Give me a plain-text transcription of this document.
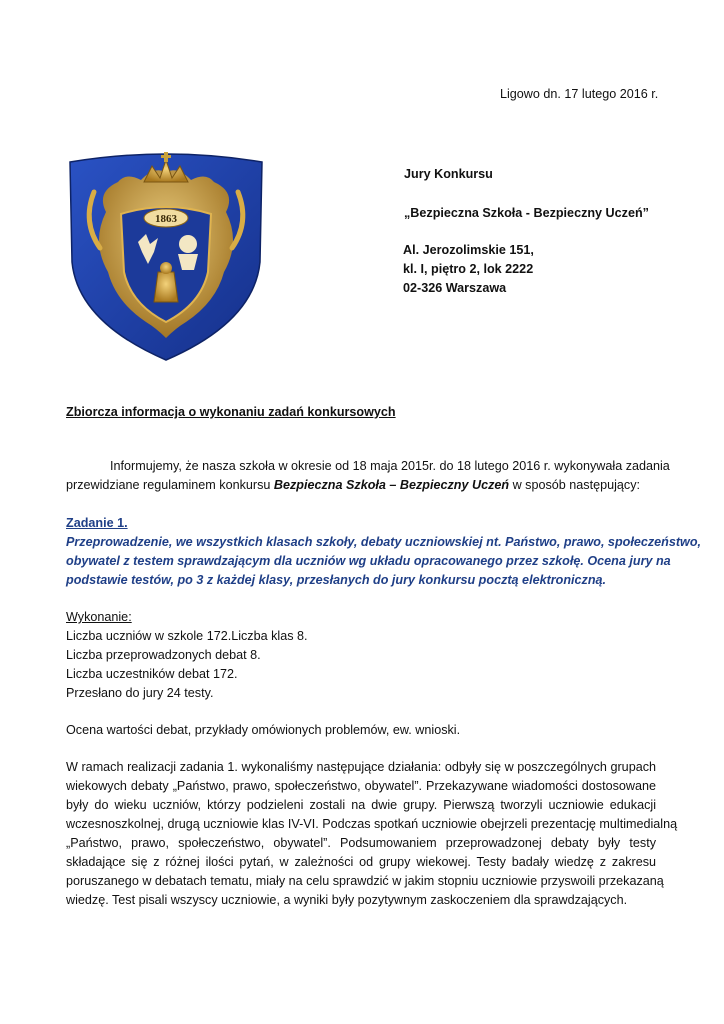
Ligowo dn. 17 lutego 2016 r.
1863
Jury Konkursu
„Bezpieczna Szkoła - Bezpieczny Uczeń”
Al. Jerozolimskie 151,
kl. I, piętro 2, lok 2222
02-326 Warszawa
Zbiorcza informacja o wykonaniu zadań konkursowych
Informujemy, że nasza szkoła w okresie od 18 maja 2015r. do 18 lutego 2016 r. wykonywała zadania
przewidziane regulaminem konkursu Bezpieczna Szkoła – Bezpieczny Uczeń w sposób następujący:
Zadanie 1.
Przeprowadzenie, we wszystkich klasach szkoły, debaty uczniowskiej nt. Państwo, prawo, społeczeństwo,
obywatel z testem sprawdzającym dla uczniów wg układu opracowanego przez szkołę. Ocena jury na
podstawie testów, po 3 z każdej klasy, przesłanych do jury konkursu pocztą elektroniczną.
Wykonanie:
Liczba uczniów w szkole 172.Liczba klas 8.
Liczba przeprowadzonych debat 8.
Liczba uczestników debat 172.
Przesłano do jury 24 testy.
Ocena wartości debat, przykłady omówionych problemów, ew. wnioski.
W ramach realizacji zadania 1. wykonaliśmy następujące działania: odbyły się w poszczególnych grupach
wiekowych debaty „Państwo, prawo, społeczeństwo, obywatel”. Przekazywane wiadomości dostosowane
były do wieku uczniów, którzy podzieleni zostali na dwie grupy. Pierwszą tworzyli uczniowie edukacji
wczesnoszkolnej, drugą uczniowie klas IV-VI. Podczas spotkań uczniowie obejrzeli prezentację multimedialną
„Państwo, prawo, społeczeństwo, obywatel”. Podsumowaniem przeprowadzonej debaty były testy
składające się z różnej ilości pytań, w zależności od grupy wiekowej. Testy badały wiedzę z zakresu
poruszanego w debatach tematu, miały na celu sprawdzić w jakim stopniu uczniowie przyswoili przekazaną
wiedzę. Test pisali wszyscy uczniowie, a wyniki były pozytywnym zaskoczeniem dla sprawdzających.
